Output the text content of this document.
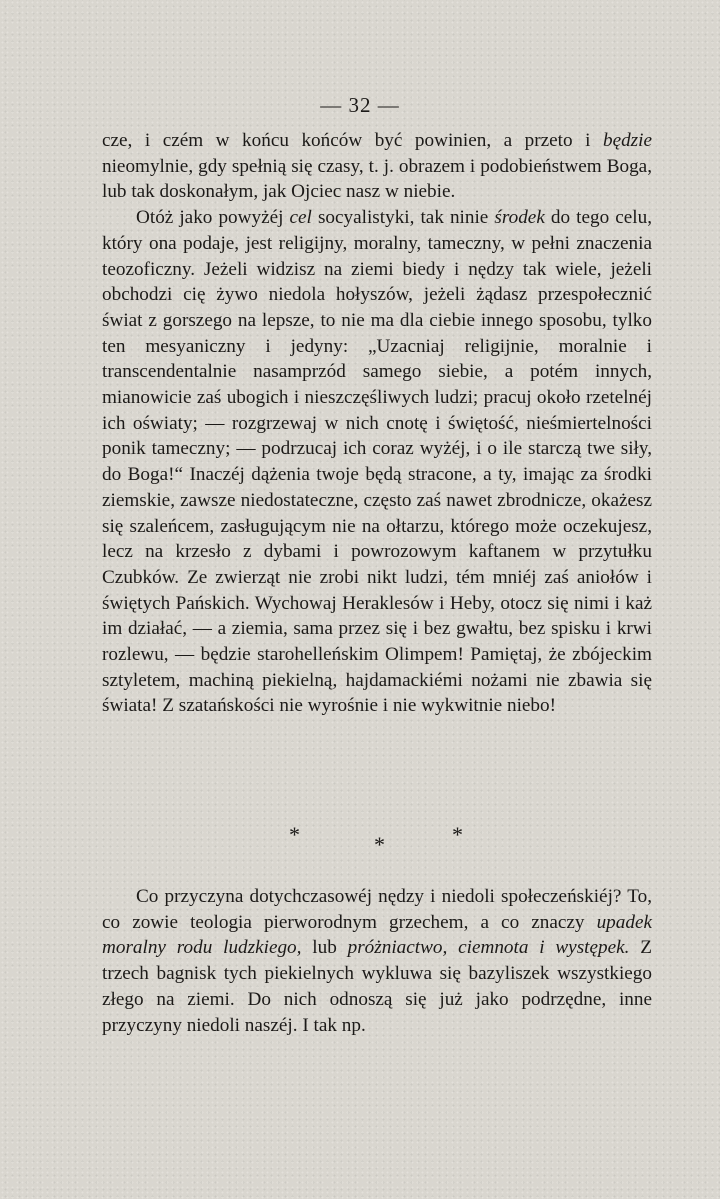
— 32 —

cze, i czém w końcu końców być powinien, a przeto i będzie nieomylnie, gdy spełnią się czasy, t. j. obrazem i podobieństwem Boga, lub tak doskonałym, jak Ojciec nasz w niebie.

Otóż jako powyżéj cel socyalistyki, tak ninie środek do tego celu, który ona podaje, jest religijny, moralny, tameczny, w pełni znaczenia teozoficzny. Jeżeli widzisz na ziemi biedy i nędzy tak wiele, jeżeli obchodzi cię żywo niedola hołyszów, jeżeli żądasz przespołecznić świat z gorszego na lepsze, to nie ma dla ciebie innego sposobu, tylko ten mesyaniczny i jedyny: „Uzacniaj religijnie, moralnie i transcendentalnie nasamprzód samego siebie, a potém innych, mianowicie zaś ubogich i nieszczęśliwych ludzi; pracuj około rzetelnéj ich oświaty; — rozgrzewaj w nich cnotę i świętość, nieśmiertelności ponik tameczny; — podrzucaj ich coraz wyżéj, i o ile starczą twe siły, do Boga!“ Inaczéj dążenia twoje będą stracone, a ty, imając za środki ziemskie, zawsze niedostateczne, często zaś nawet zbrodnicze, okażesz się szaleńcem, zasługującym nie na ołtarzu, którego może oczekujesz, lecz na krzesło z dybami i powrozowym kaftanem w przytułku Czubków. Ze zwierząt nie zrobi nikt ludzi, tém mniéj zaś aniołów i świętych Pańskich. Wychowaj Heraklesów i Heby, otocz się nimi i każ im działać, — a ziemia, sama przez się i bez gwałtu, bez spisku i krwi rozlewu, — będzie starohelleńskim Olimpem! Pamiętaj, że zbójeckim sztyletem, machiną piekielną, hajdamackiémi nożami nie zbawia się świata! Z szatańskości nie wyrośnie i nie wykwitnie niebo!

*	*	*

Co przyczyna dotychczasowéj nędzy i niedoli społeczeńskiéj? To, co zowie teologia pierworodnym grzechem, a co znaczy upadek moralny rodu ludzkiego, lub próżniactwo, ciemnota i występek. Z trzech bagnisk tych piekielnych wykluwa się bazyliszek wszystkiego złego na ziemi. Do nich odnoszą się już jako podrzędne, inne przyczyny niedoli naszéj. I tak np.
